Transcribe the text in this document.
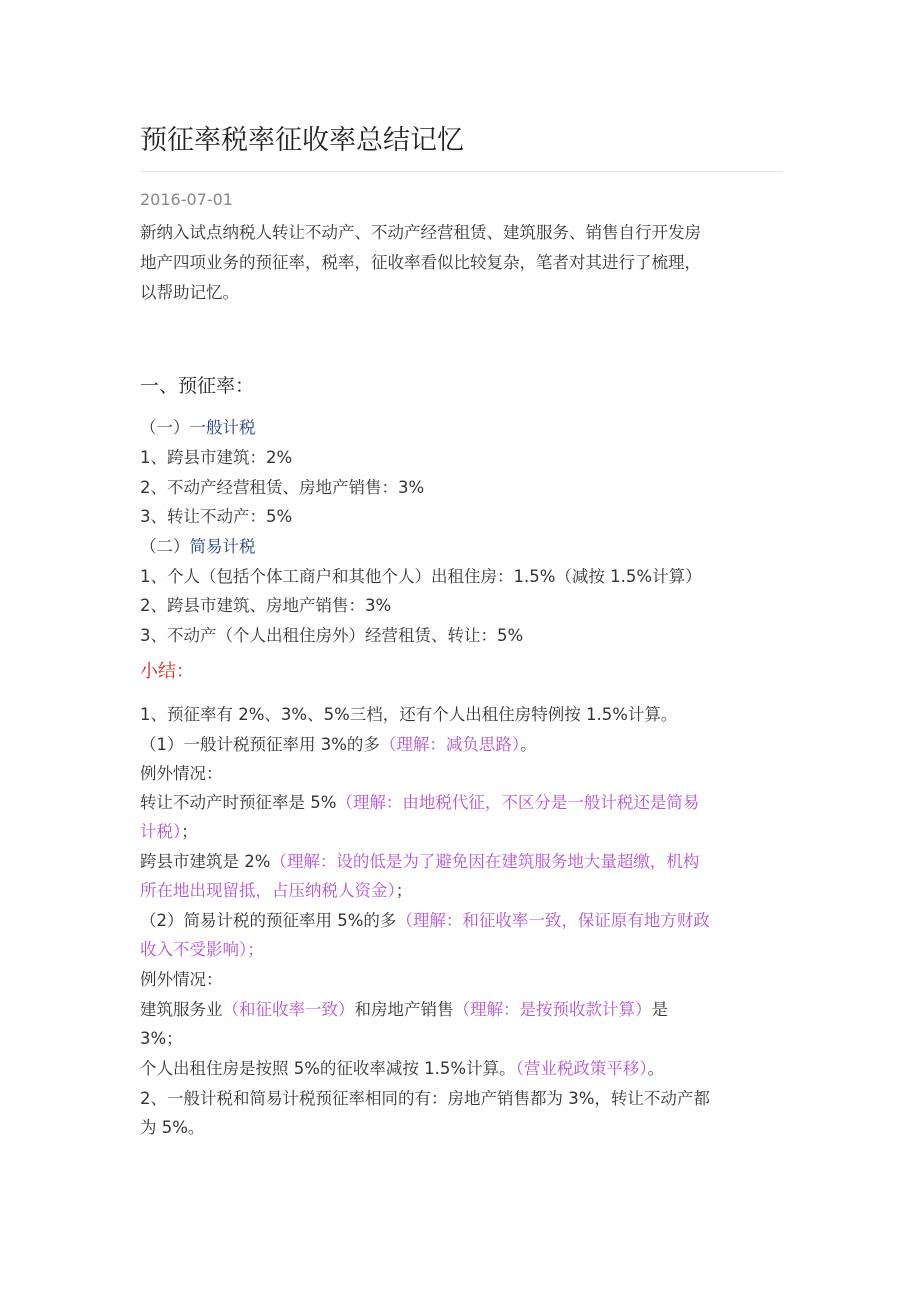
预征率税率征收率总结记忆
2016-07-01
新纳入试点纳税人转让不动产、不动产经营租赁、建筑服务、销售自行开发房
地产四项业务的预征率，税率，征收率看似比较复杂，笔者对其进行了梳理，
以帮助记忆。
一、预征率：
（一）一般计税
1、跨县市建筑：2%
2、不动产经营租赁、房地产销售：3%
3、转让不动产：5%
（二）简易计税
1、个人（包括个体工商户和其他个人）出租住房：1.5%（减按 1.5%计算）
2、跨县市建筑、房地产销售：3%
3、不动产（个人出租住房外）经营租赁、转让：5%
小结：
1、预征率有 2%、3%、5%三档，还有个人出租住房特例按 1.5%计算。
（1）一般计税预征率用 3%的多（理解：减负思路）。
例外情况：
转让不动产时预征率是 5%（理解：由地税代征，不区分是一般计税还是简易
计税）；
跨县市建筑是 2%（理解：设的低是为了避免因在建筑服务地大量超缴，机构
所在地出现留抵，占压纳税人资金）；
（2）简易计税的预征率用 5%的多（理解：和征收率一致，保证原有地方财政
收入不受影响）；
例外情况：
建筑服务业（和征收率一致）和房地产销售（理解：是按预收款计算）是
3%；
个人出租住房是按照 5%的征收率减按 1.5%计算。（营业税政策平移）。
2、一般计税和简易计税预征率相同的有：房地产销售都为 3%，转让不动产都
为 5%。
